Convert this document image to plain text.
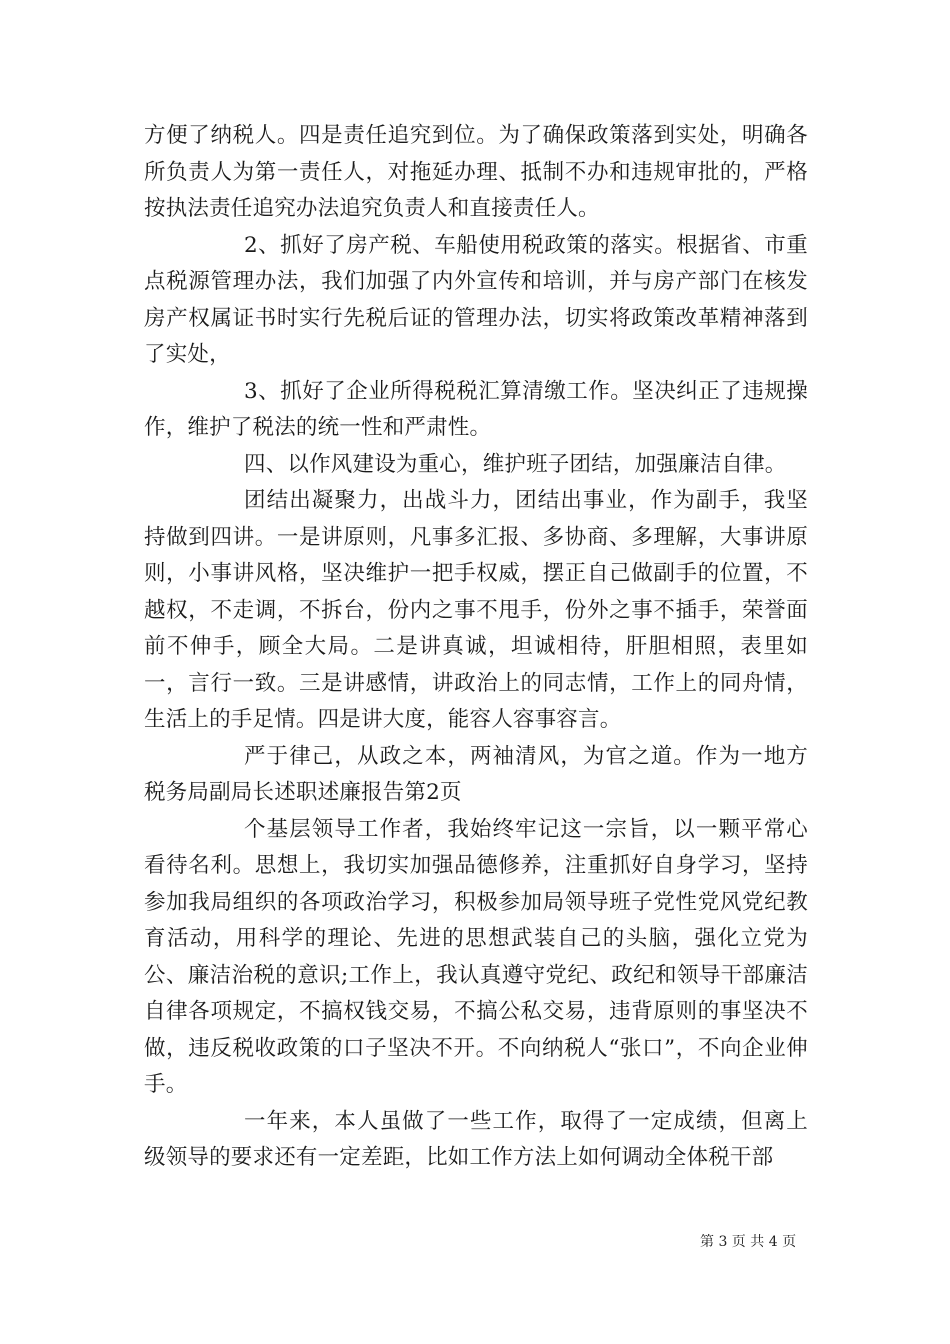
方便了纳税人。四是责任追究到位。为了确保政策落到实处，明确各所负责人为第一责任人，对拖延办理、抵制不办和违规审批的，严格按执法责任追究办法追究负责人和直接责任人。

2、抓好了房产税、车船使用税政策的落实。根据省、市重点税源管理办法，我们加强了内外宣传和培训，并与房产部门在核发房产权属证书时实行先税后证的管理办法，切实将政策改革精神落到了实处，

3、抓好了企业所得税税汇算清缴工作。坚决纠正了违规操作，维护了税法的统一性和严肃性。

四、以作风建设为重心，维护班子团结，加强廉洁自律。

团结出凝聚力，出战斗力，团结出事业，作为副手，我坚持做到四讲。一是讲原则，凡事多汇报、多协商、多理解，大事讲原则，小事讲风格，坚决维护一把手权威，摆正自己做副手的位置，不越权，不走调，不拆台，份内之事不甩手，份外之事不插手，荣誉面前不伸手，顾全大局。二是讲真诚，坦诚相待，肝胆相照，表里如一，言行一致。三是讲感情，讲政治上的同志情，工作上的同舟情，生活上的手足情。四是讲大度，能容人容事容言。

严于律己，从政之本，两袖清风，为官之道。作为一地方税务局副局长述职述廉报告第2页

个基层领导工作者，我始终牢记这一宗旨，以一颗平常心看待名利。思想上，我切实加强品德修养，注重抓好自身学习，坚持参加我局组织的各项政治学习，积极参加局领导班子党性党风党纪教育活动，用科学的理论、先进的思想武装自己的头脑，强化立党为公、廉洁治税的意识;工作上，我认真遵守党纪、政纪和领导干部廉洁自律各项规定，不搞权钱交易，不搞公私交易，违背原则的事坚决不做，违反税收政策的口子坚决不开。不向纳税人“张口”，不向企业伸手。

一年来，本人虽做了一些工作，取得了一定成绩，但离上级领导的要求还有一定差距，比如工作方法上如何调动全体税干部

第 3 页 共 4 页
